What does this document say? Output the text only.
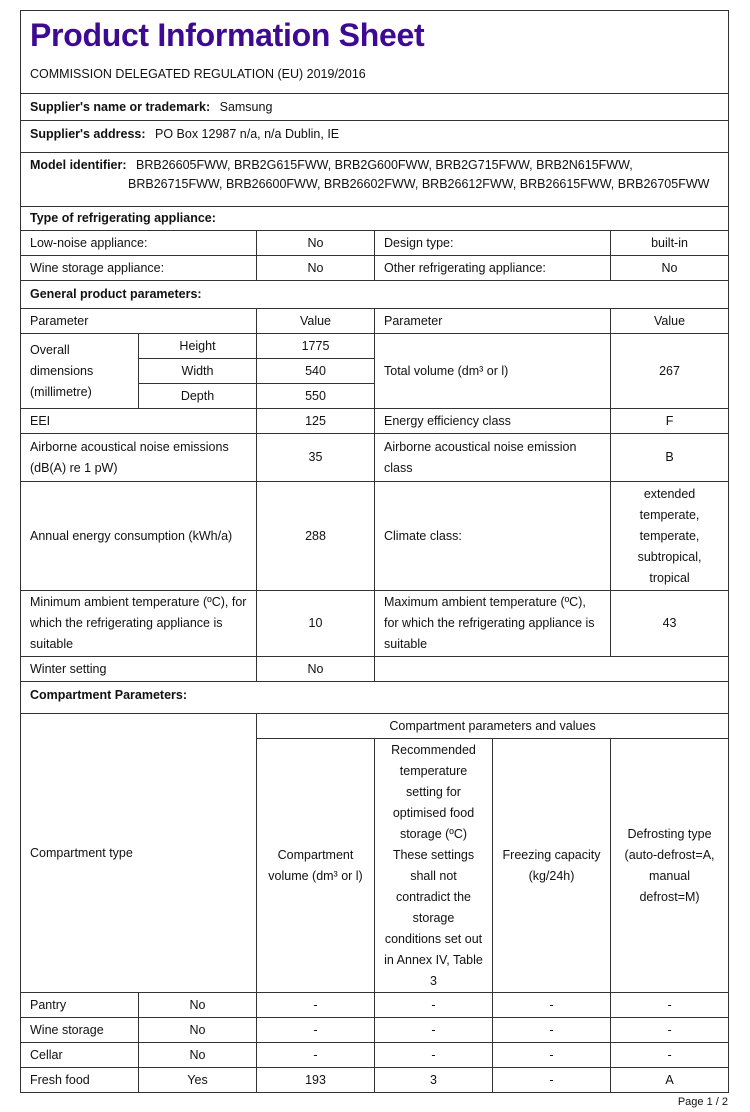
Product Information Sheet
COMMISSION DELEGATED REGULATION (EU) 2019/2016					

Supplier's name or trademark: Samsung					
Supplier's address: PO Box 12987 n/a, n/a Dublin, IE					

Model identifier: BRB26605FWW, BRB2G615FWW, BRB2G600FWW, BRB2G715FWW, BRB2N615FWW,
BRB26715FWW, BRB26600FWW, BRB26602FWW, BRB26612FWW, BRB26615FWW, BRB26705FWW					

Type of refrigerating appliance:					
Low-noise appliance:		No	Design type:		built-in
Wine storage appliance:		No	Other refrigerating appliance:		No
General product parameters:					
Parameter		Value	Parameter		Value

Overall
dimensions
(millimetre)	Height	1775	Total volume (dm³ or l)		267
	Width	540			
	Depth	550			
EEI		125	Energy efficiency class		F
Airborne acoustical noise emissions (dB(A) re 1 pW)		35	Airborne acoustical noise emission class		B
Annual energy consumption (kWh/a)		288	Climate class:		extended temperate, temperate, subtropical, tropical
Minimum ambient temperature (ºC), for which the refrigerating appliance is suitable		10	Maximum ambient temperature (ºC), for which the refrigerating appliance is suitable		43
Winter setting		No			
Compartment Parameters:					
Compartment type		Compartment parameters and values			
		Compartment volume (dm³ or l)	Recommended temperature setting for optimised food storage (ºC) These settings shall not contradict the storage conditions set out in Annex IV, Table 3	Freezing capacity (kg/24h)	Defrosting type (auto-defrost=A, manual defrost=M)
Pantry	No	-	-	-	-
Wine storage	No	-	-	-	-
Cellar	No	-	-	-	-
Fresh food	Yes	193	3	-	A
Page 1 / 2
